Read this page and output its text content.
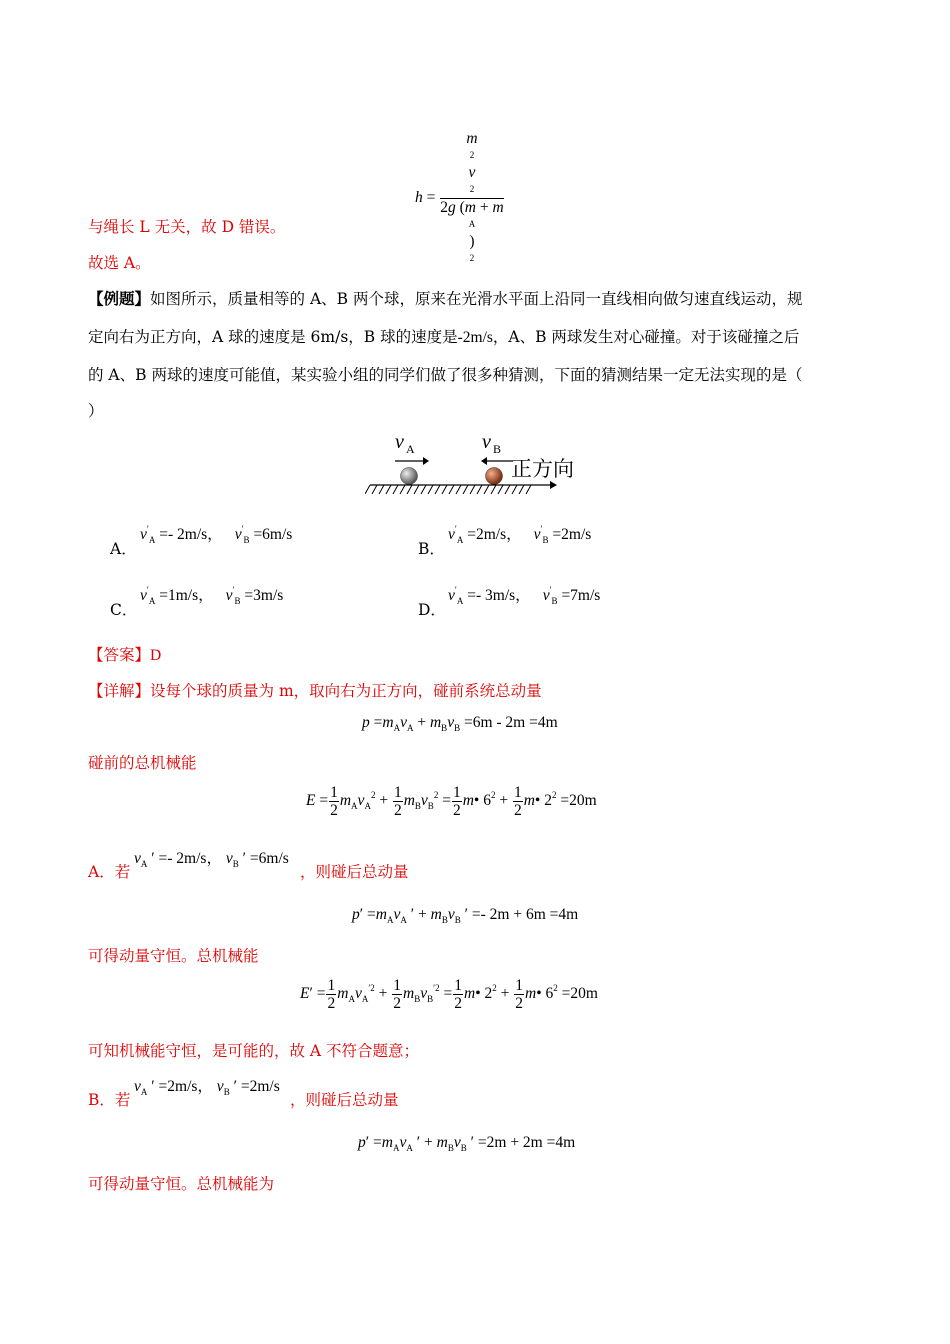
h = m
2
v
2
2g (m + m
A
)
2
与绳长 L 无关，故 D 错误。
故选 A。
【例题】如图所示，质量相等的 A、B 两个球，原来在光滑水平面上沿同一直线相向做匀速直线运动，规
定向右为正方向，A 球的速度是 6m/s，B 球的速度是-2m/s，A、B 两球发生对心碰撞。对于该碰撞之后
的 A、B 两球的速度可能值，某实验小组的同学们做了很多种猜测，下面的猜测结果一定无法实现的是（
）
v A	v B
正方向
A．
$v'_A =- 2m/s$， $v'_B =6m/s$
B．
$v'_A =2m/s$， $v'_B =2m/s$
C．
$v'_A =1m/s$， $v'_B =3m/s$
D．
$v'_A =- 3m/s$， $v'_B =7m/s$
【答案】D
【详解】设每个球的质量为 m，取向右为正方向，碰前系统总动量
$p =m_Av_A + m_Bv_B =6m - 2m =4m$
碰前的总机械能
$E = \frac{1}{2} m_Av_A^2 + \frac{1}{2} m_Bv_B^2 = \frac{1}{2}$ m• $6^2 + \frac{1}{2}$ m• $2^2 =20m$
A．若
$v_A$ ′ =- 2m/s， $v_B$ ′ =6m/s
，则碰后总动量
$p' =m_Av_A$ ′ + $m_Bv_B$ ′ =- 2m + 6m =4m
可得动量守恒。总机械能
$E' = \frac{1}{2} m_Av_A^{'2} + \frac{1}{2} m_Bv_B^{'2} = \frac{1}{2}$ m• $2^2 + \frac{1}{2}$ m• $6^2 =20m$
可知机械能守恒，是可能的，故 A 不符合题意；
B．若
$v_A$ ′ =2m/s， $v_B$ ′ =2m/s
，则碰后总动量
$p' =m_Av_A$ ′ + $m_Bv_B$ ′ =2m + 2m =4m
可得动量守恒。总机械能为
